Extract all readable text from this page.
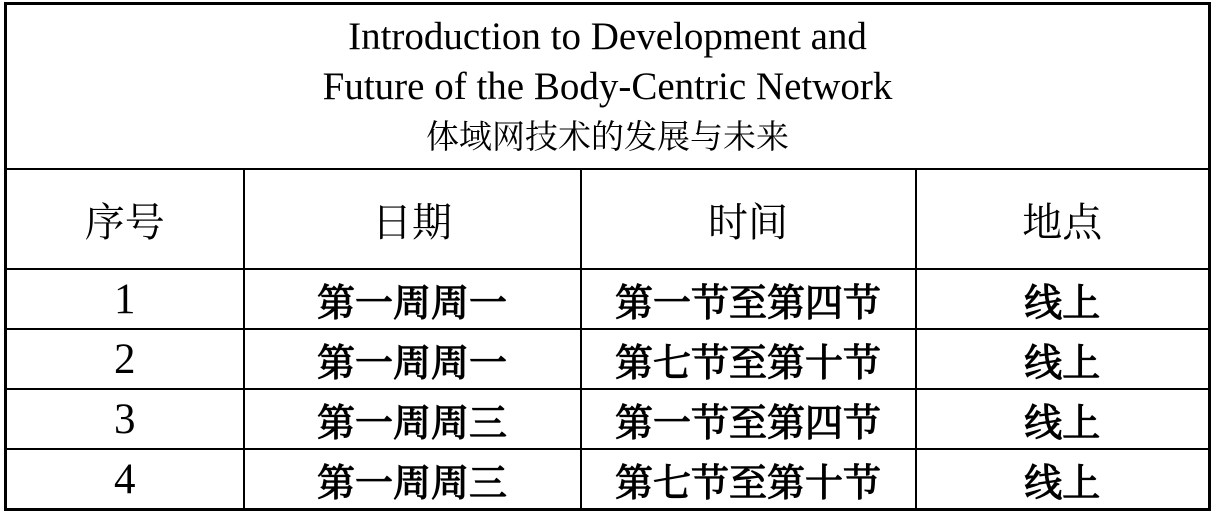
Introduction to Development and
Future of the Body-Centric Network
体域网技术的发展与未来			

序号	日期	时间	地点
1	第一周周一	第一节至第四节	线上
2	第一周周一	第七节至第十节	线上
3	第一周周三	第一节至第四节	线上
4	第一周周三	第七节至第十节	线上
